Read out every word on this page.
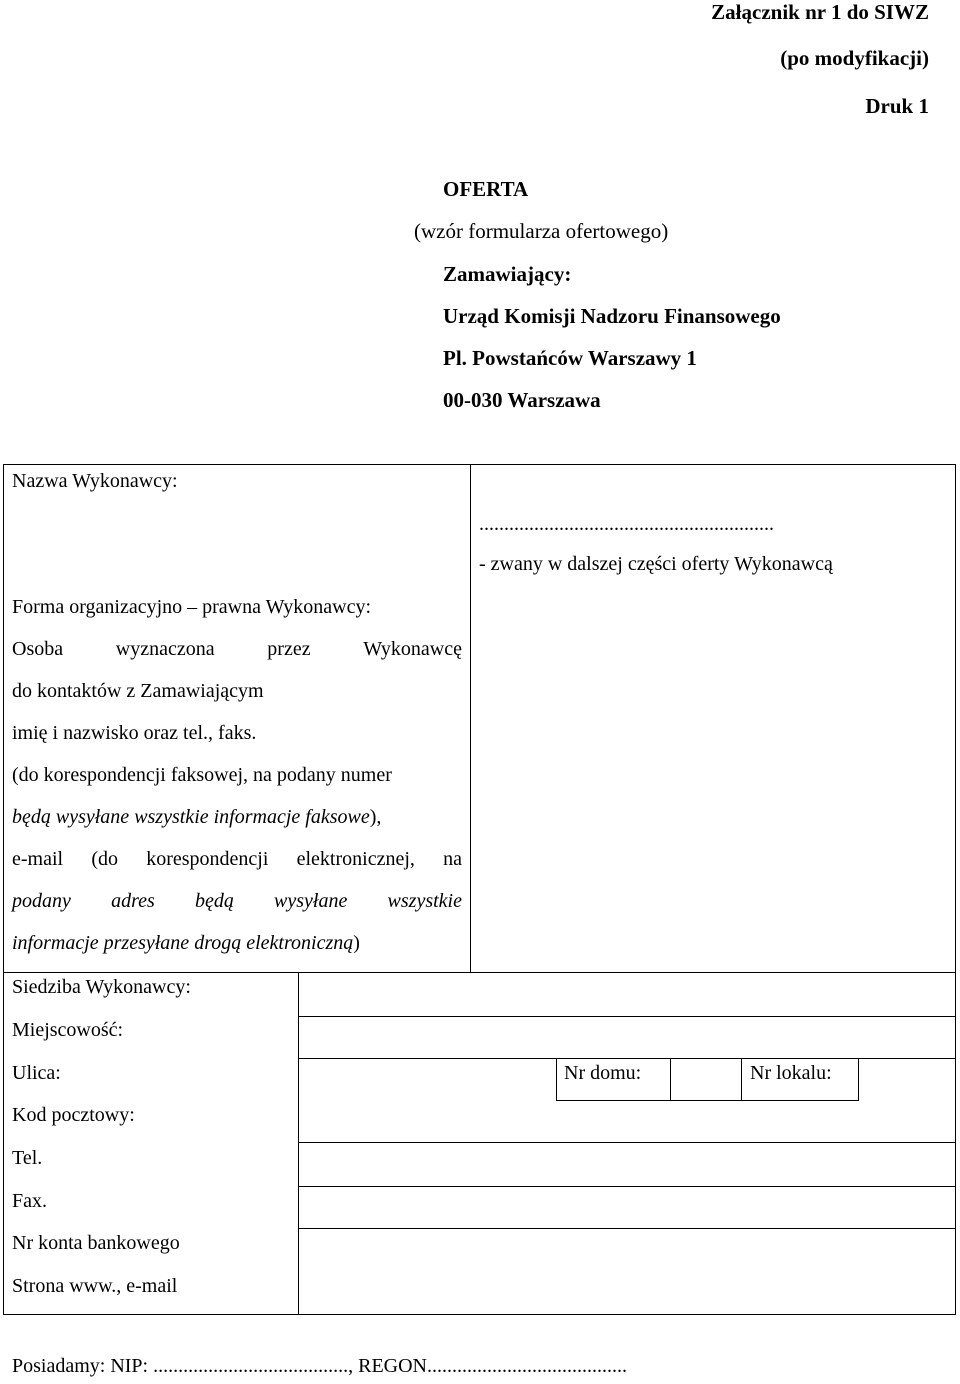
Załącznik nr 1 do SIWZ
(po modyfikacji)
Druk 1
OFERTA
(wzór formularza ofertowego)
Zamawiający:
Urząd Komisji Nadzoru Finansowego
Pl. Powstańców Warszawy 1
00-030 Warszawa
Nazwa Wykonawcy:
...........................................................
- zwany w dalszej części oferty Wykonawcą
Forma organizacyjno – prawna Wykonawcy:
Osoba	wyznaczona	przez	Wykonawcę
do kontaktów z Zamawiającym
imię i nazwisko oraz tel., faks.
(do korespondencji faksowej, na podany numer
będą wysyłane wszystkie informacje faksowe),
e-mail (do korespondencji elektronicznej, na
podany adres będą wysyłane wszystkie
informacje przesyłane drogą elektroniczną)
Siedziba Wykonawcy:
Miejscowość:
Ulica:	Nr domu:	Nr lokalu:
Kod pocztowy:
Tel.
Fax.
Nr konta bankowego
Strona www., e-mail
Posiadamy: NIP: ......................................., REGON........................................
